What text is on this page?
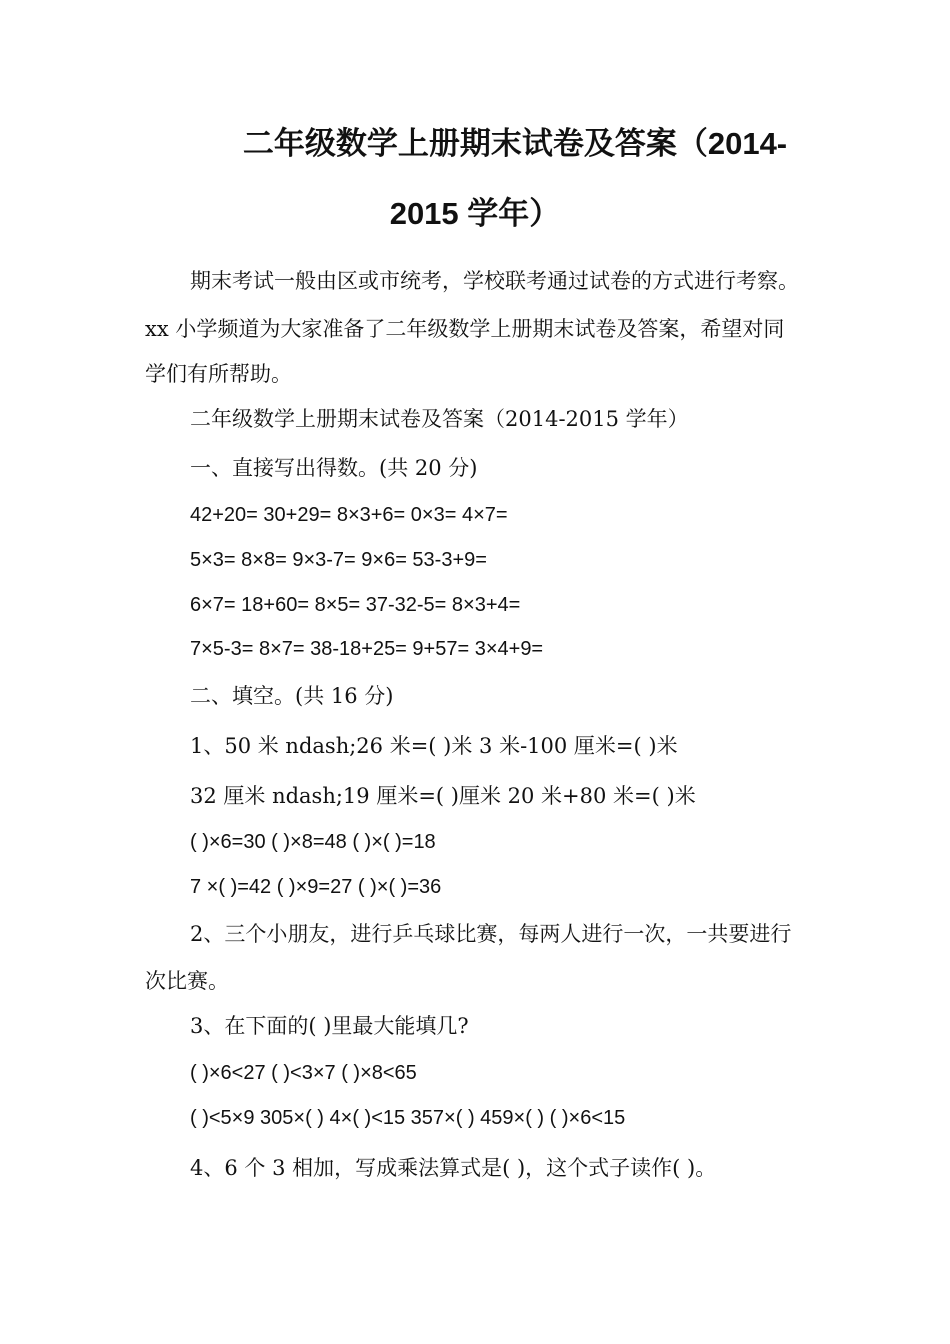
二年级数学上册期末试卷及答案（2014-
2015 学年）

期末考试一般由区或市统考，学校联考通过试卷的方式进行考察。

xx 小学频道为大家准备了二年级数学上册期末试卷及答案，希望对同

学们有所帮助。

二年级数学上册期末试卷及答案（2014-2015 学年）

一、直接写出得数。(共 20 分)

42+20= 30+29= 8×3+6= 0×3= 4×7=

5×3= 8×8= 9×3-7= 9×6= 53-3+9=

6×7= 18+60= 8×5= 37-32-5= 8×3+4=

7×5-3= 8×7= 38-18+25= 9+57= 3×4+9=

二、填空。(共 16 分)

1、50 米 ndash;26 米=( )米 3 米-100 厘米=( )米

32 厘米 ndash;19 厘米=( )厘米 20 米+80 米=( )米

( )×6=30 ( )×8=48 ( )×( )=18

7 ×( )=42 ( )×9=27 ( )×( )=36

2、三个小朋友，进行乒乓球比赛，每两人进行一次，一共要进行

次比赛。

3、在下面的( )里最大能填几?

( )×6<27 ( )<3×7 ( )×8<65

( )<5×9 305×( ) 4×( )<15 357×( ) 459×( ) ( )×6<15

4、6 个 3 相加，写成乘法算式是( )，这个式子读作( )。
